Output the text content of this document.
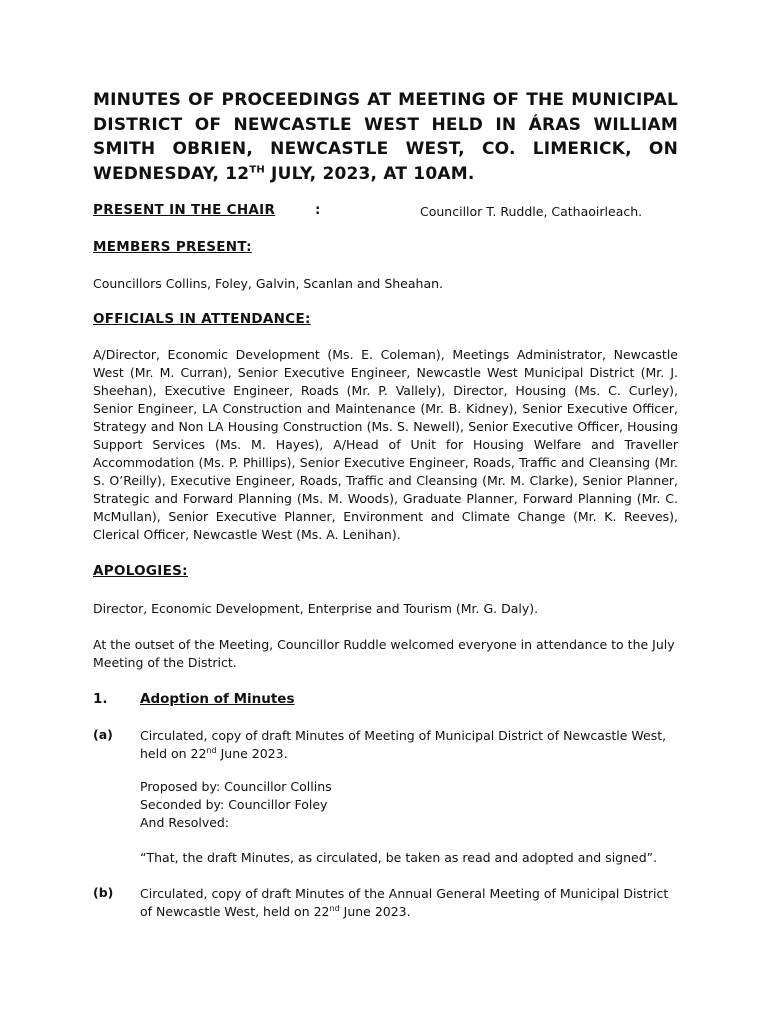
MINUTES OF PROCEEDINGS AT MEETING OF THE MUNICIPAL DISTRICT OF NEWCASTLE WEST HELD IN ÁRAS WILLIAM SMITH OBRIEN, NEWCASTLE WEST, CO. LIMERICK, ON WEDNESDAY, 12TH JULY, 2023, AT 10AM.
PRESENT IN THE CHAIR	:	Councillor T. Ruddle, Cathaoirleach.
MEMBERS PRESENT:

Councillors Collins, Foley, Galvin, Scanlan and Sheahan.

OFFICIALS IN ATTENDANCE:

A/Director, Economic Development (Ms. E. Coleman), Meetings Administrator, Newcastle West (Mr. M. Curran), Senior Executive Engineer, Newcastle West Municipal District (Mr. J. Sheehan), Executive Engineer, Roads (Mr. P. Vallely), Director, Housing (Ms. C. Curley), Senior Engineer, LA Construction and Maintenance (Mr. B. Kidney), Senior Executive Officer, Strategy and Non LA Housing Construction (Ms. S. Newell), Senior Executive Officer, Housing Support Services (Ms. M. Hayes), A/Head of Unit for Housing Welfare and Traveller Accommodation (Ms. P. Phillips), Senior Executive Engineer, Roads, Traffic and Cleansing (Mr. S. O’Reilly), Executive Engineer, Roads, Traffic and Cleansing (Mr. M. Clarke), Senior Planner, Strategic and Forward Planning (Ms. M. Woods), Graduate Planner, Forward Planning (Mr. C. McMullan), Senior Executive Planner, Environment and Climate Change (Mr. K. Reeves), Clerical Officer, Newcastle West (Ms. A. Lenihan).

APOLOGIES:

Director, Economic Development, Enterprise and Tourism (Mr. G. Daly).

At the outset of the Meeting, Councillor Ruddle welcomed everyone in attendance to the July Meeting of the District.

1. Adoption of Minutes
(a) Circulated, copy of draft Minutes of Meeting of Municipal District of Newcastle West, held on 22nd June 2023.

Proposed by: Councillor Collins

Seconded by: Councillor Foley

And Resolved:

“That, the draft Minutes, as circulated, be taken as read and adopted and signed”.

(b) Circulated, copy of draft Minutes of the Annual General Meeting of Municipal District of Newcastle West, held on 22nd June 2023.
